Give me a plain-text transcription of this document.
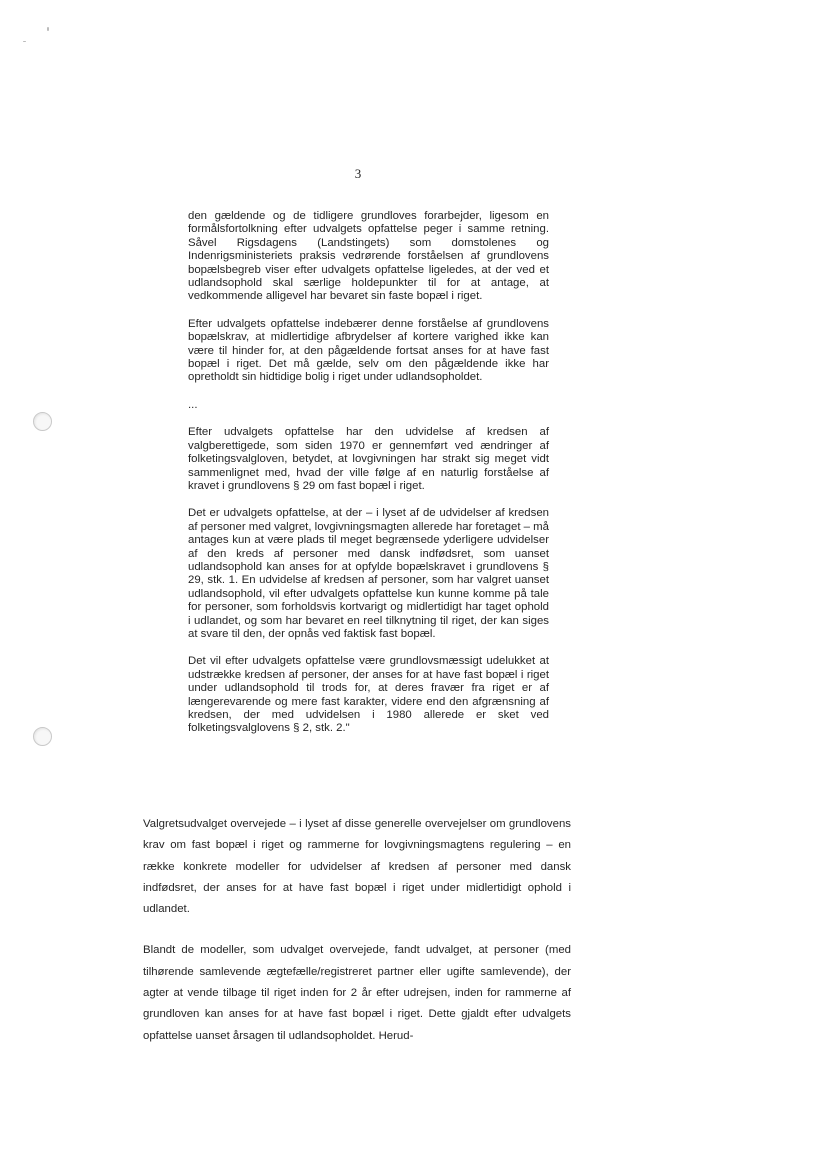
3

den gældende og de tidligere grundloves forarbejder, ligesom en formålsfortolkning efter udvalgets opfattelse peger i samme retning. Såvel Rigsdagens (Landstingets) som domstolenes og Indenrigsministeriets praksis vedrørende forståelsen af grundlovens bopælsbegreb viser efter udvalgets opfattelse ligeledes, at der ved et udlandsophold skal særlige holdepunkter til for at antage, at vedkommende alligevel har bevaret sin faste bopæl i riget.

Efter udvalgets opfattelse indebærer denne forståelse af grundlovens bopælskrav, at midlertidige afbrydelser af kortere varighed ikke kan være til hinder for, at den pågældende fortsat anses for at have fast bopæl i riget. Det må gælde, selv om den pågældende ikke har opretholdt sin hidtidige bolig i riget under udlandsopholdet.

...

Efter udvalgets opfattelse har den udvidelse af kredsen af valgberettigede, som siden 1970 er gennemført ved ændringer af folketingsvalgloven, betydet, at lovgivningen har strakt sig meget vidt sammenlignet med, hvad der ville følge af en naturlig forståelse af kravet i grundlovens § 29 om fast bopæl i riget.

Det er udvalgets opfattelse, at der – i lyset af de udvidelser af kredsen af personer med valgret, lovgivningsmagten allerede har foretaget – må antages kun at være plads til meget begrænsede yderligere udvidelser af den kreds af personer med dansk indfødsret, som uanset udlandsophold kan anses for at opfylde bopælskravet i grundlovens § 29, stk. 1. En udvidelse af kredsen af personer, som har valgret uanset udlandsophold, vil efter udvalgets opfattelse kun kunne komme på tale for personer, som forholdsvis kortvarigt og midlertidigt har taget ophold i udlandet, og som har bevaret en reel tilknytning til riget, der kan siges at svare til den, der opnås ved faktisk fast bopæl.

Det vil efter udvalgets opfattelse være grundlovsmæssigt udelukket at udstrække kredsen af personer, der anses for at have fast bopæl i riget under udlandsophold til trods for, at deres fravær fra riget er af længerevarende og mere fast karakter, videre end den afgrænsning af kredsen, der med udvidelsen i 1980 allerede er sket ved folketingsvalglovens § 2, stk. 2."

Valgretsudvalget overvejede – i lyset af disse generelle overvejelser om grundlovens krav om fast bopæl i riget og rammerne for lovgivningsmagtens regulering – en række konkrete modeller for udvidelser af kredsen af personer med dansk indfødsret, der anses for at have fast bopæl i riget under midlertidigt ophold i udlandet.

Blandt de modeller, som udvalget overvejede, fandt udvalget, at personer (med tilhørende samlevende ægtefælle/registreret partner eller ugifte samlevende), der agter at vende tilbage til riget inden for 2 år efter udrejsen, inden for rammerne af grundloven kan anses for at have fast bopæl i riget. Dette gjaldt efter udvalgets opfattelse uanset årsagen til udlandsopholdet. Herud-
